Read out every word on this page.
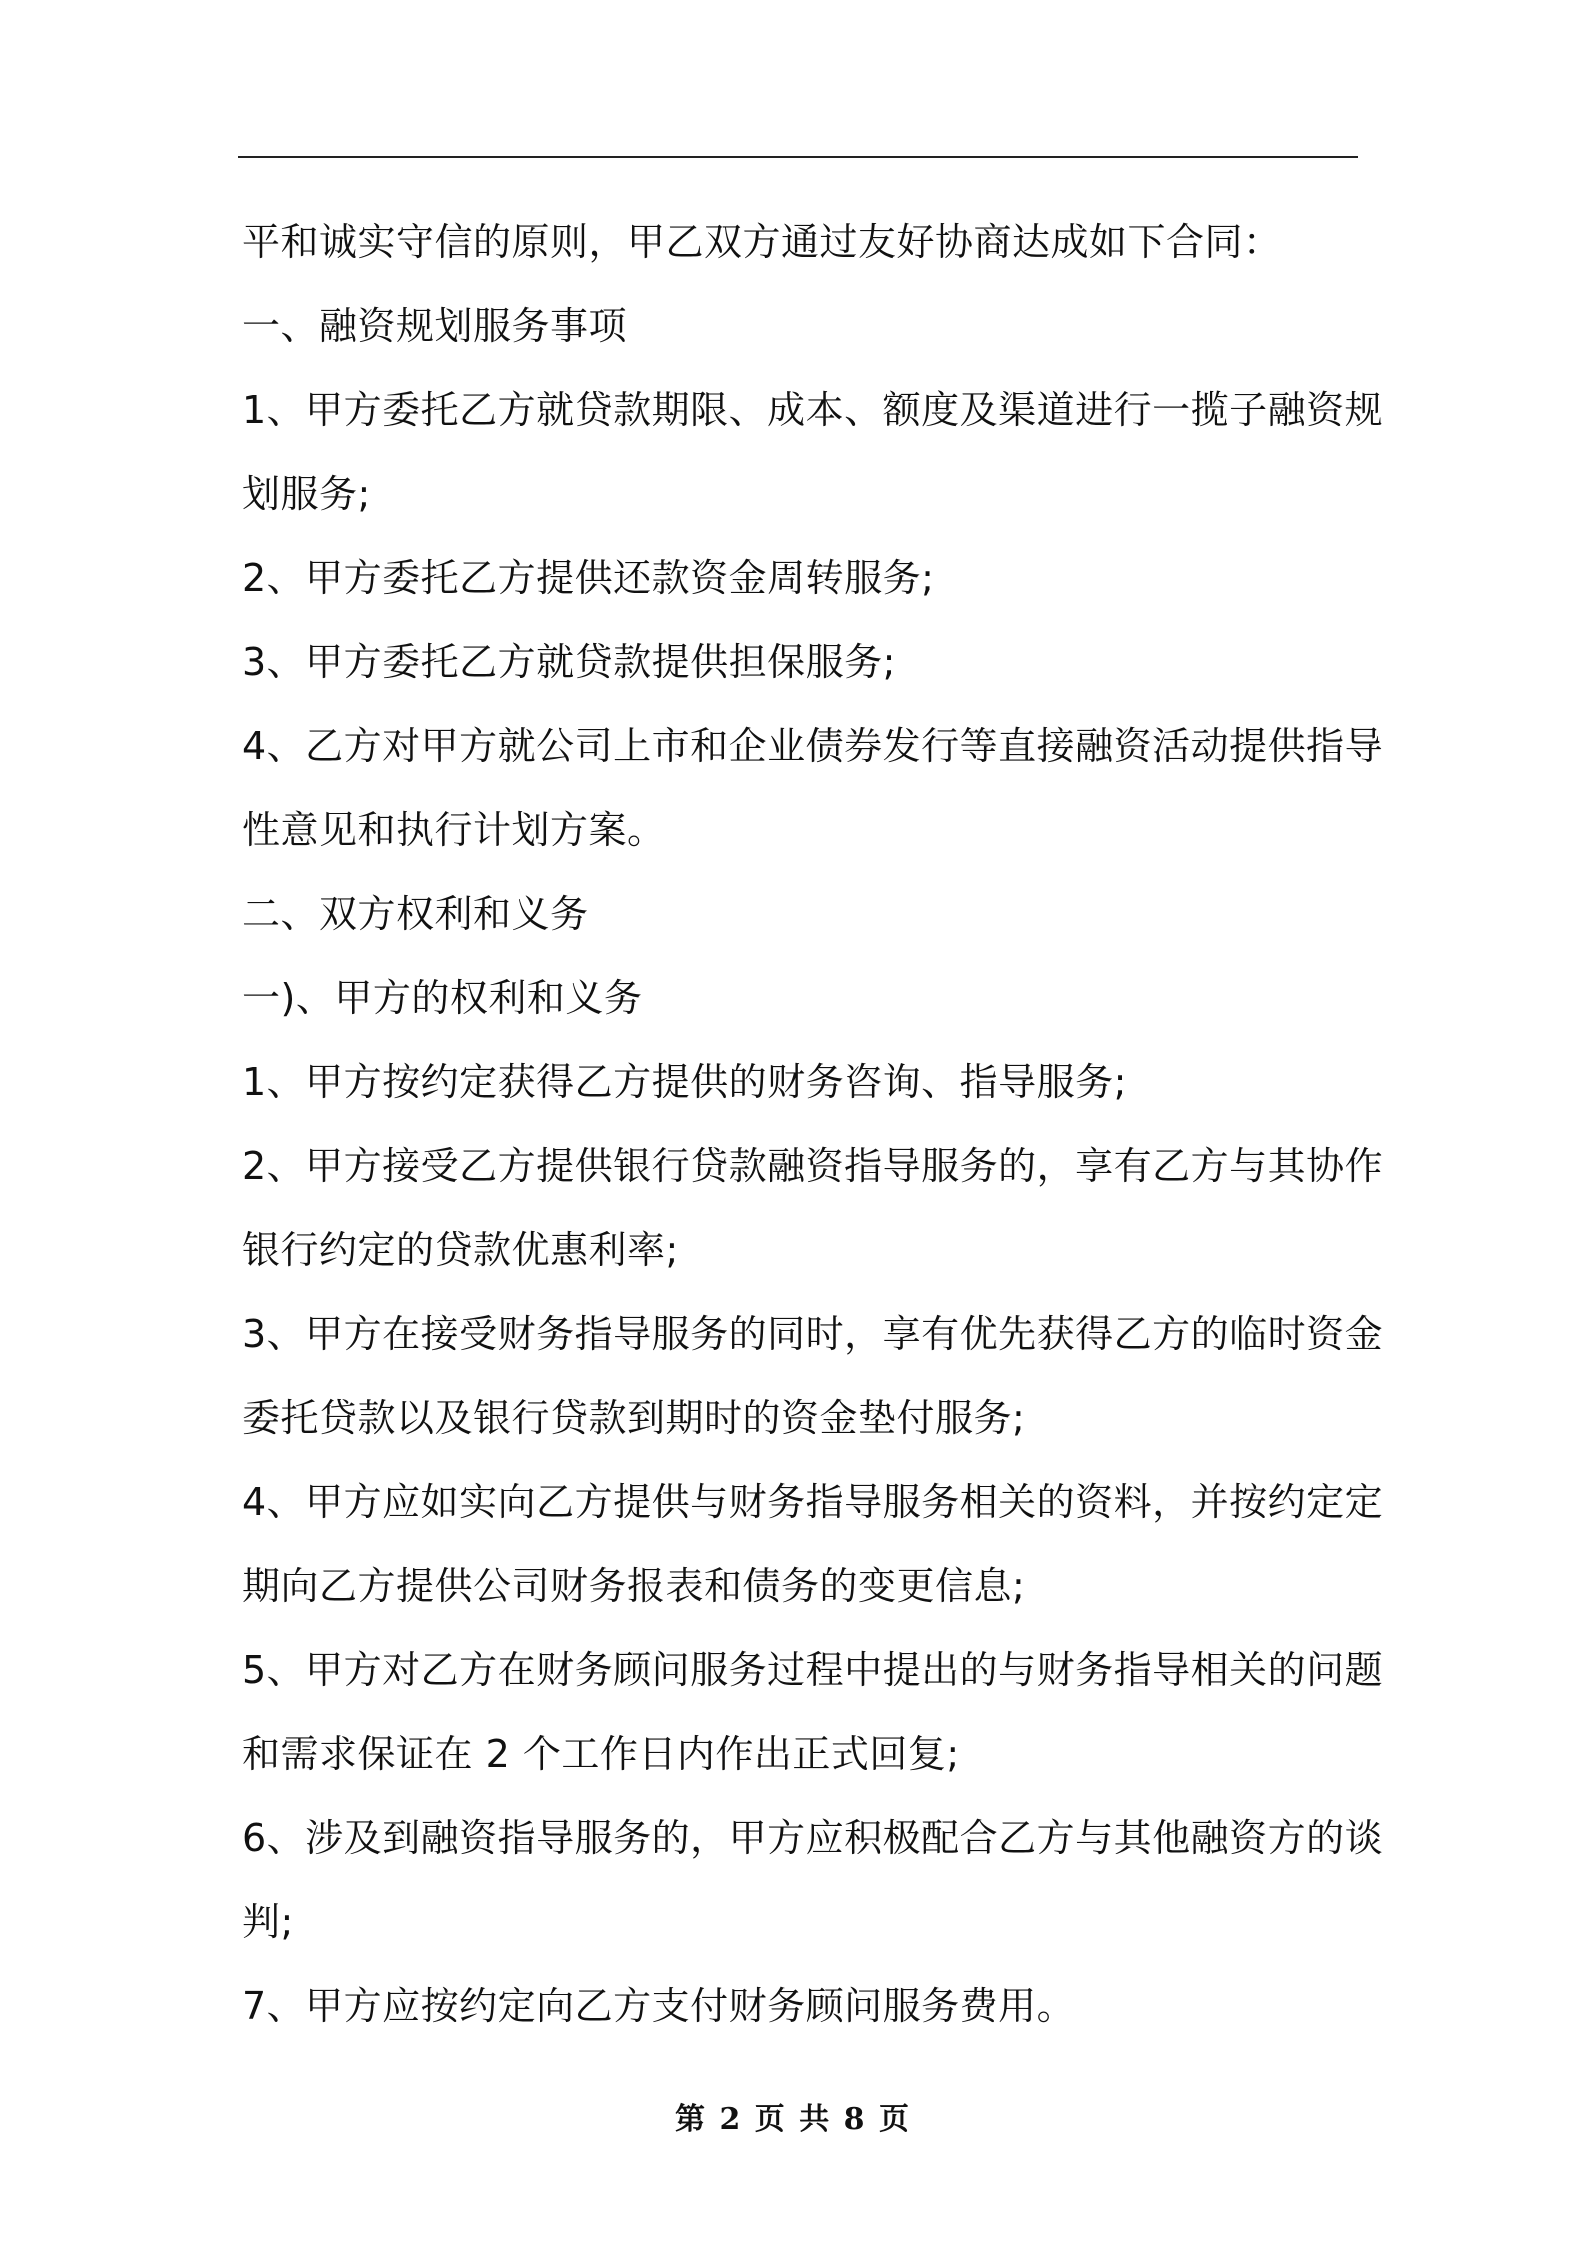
平和诚实守信的原则，甲乙双方通过友好协商达成如下合同：

一、融资规划服务事项

1、甲方委托乙方就贷款期限、成本、额度及渠道进行一揽子融资规

划服务;

2、甲方委托乙方提供还款资金周转服务;

3、甲方委托乙方就贷款提供担保服务;

4、乙方对甲方就公司上市和企业债券发行等直接融资活动提供指导

性意见和执行计划方案。

二、双方权利和义务

一)、甲方的权利和义务

1、甲方按约定获得乙方提供的财务咨询、指导服务;

2、甲方接受乙方提供银行贷款融资指导服务的，享有乙方与其协作

银行约定的贷款优惠利率;

3、甲方在接受财务指导服务的同时，享有优先获得乙方的临时资金

委托贷款以及银行贷款到期时的资金垫付服务;

4、甲方应如实向乙方提供与财务指导服务相关的资料，并按约定定

期向乙方提供公司财务报表和债务的变更信息;

5、甲方对乙方在财务顾问服务过程中提出的与财务指导相关的问题

和需求保证在 2 个工作日内作出正式回复;

6、涉及到融资指导服务的，甲方应积极配合乙方与其他融资方的谈

判;

7、甲方应按约定向乙方支付财务顾问服务费用。

第 2 页 共 8 页
